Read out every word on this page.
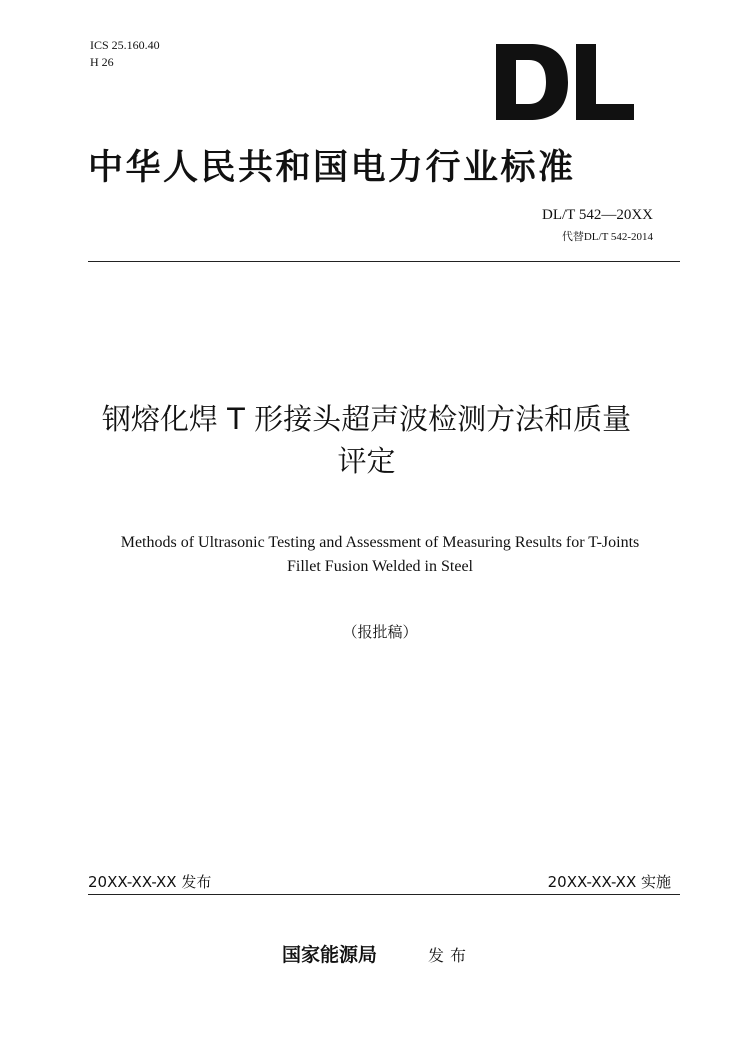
ICS 25.160.40
H 26
中华人民共和国电力行业标准
DL/T 542—20XX
代替DL/T 542-2014
钢熔化焊 T 形接头超声波检测方法和质量
评定
Methods of Ultrasonic Testing and Assessment of Measuring Results for T-Joints
Fillet Fusion Welded in Steel
（报批稿）
20XX-XX-XX 发布	20XX-XX-XX 实施
国家能源局	发布
